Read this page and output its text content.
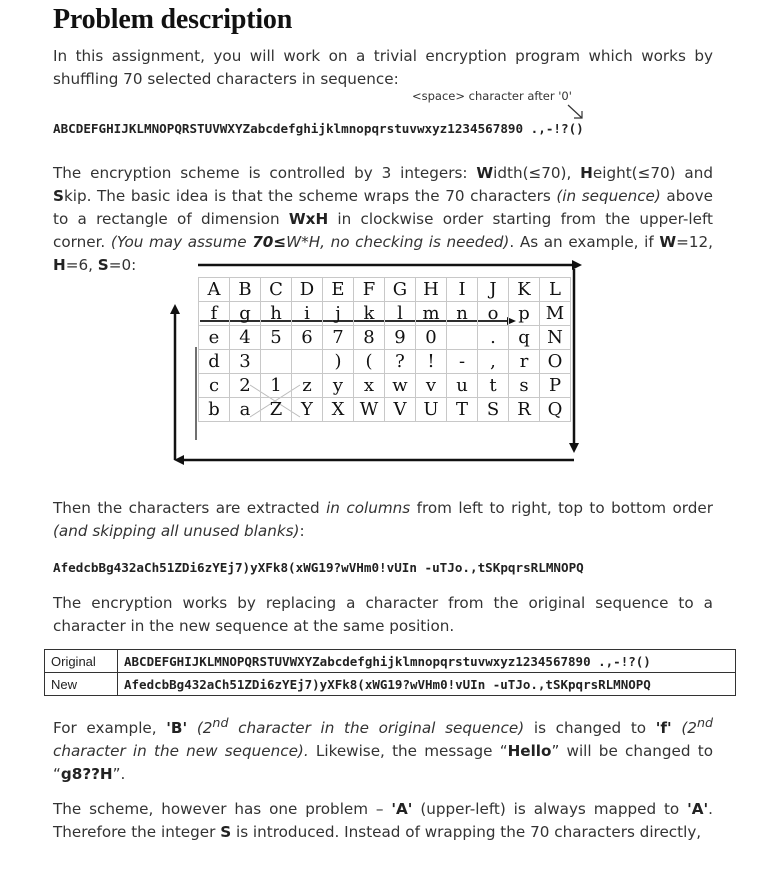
Problem description
In this assignment, you will work on a trivial encryption program which works by shuffling 70 selected characters in sequence:
<space> character after '0'
ABCDEFGHIJKLMNOPQRSTUVWXYZabcdefghijklmnopqrstuvwxyz1234567890 .,-!?()
The encryption scheme is controlled by 3 integers: Width(≤70), Height(≤70) and Skip. The basic idea is that the scheme wraps the 70 characters (in sequence) above to a rectangle of dimension WxH in clockwise order starting from the upper-left corner. (You may assume 70≤W*H, no checking is needed). As an example, if W=12, H=6, S=0:
A	B	C	D	E	F	G	H	I	J	K	L
f	g	h	i	j	k	l	m	n	o	p	M
e	4	5	6	7	8	9	0		.	q	N
d	3			)	(	?	!	-	,	r	O
c	2	1	z	y	x	w	v	u	t	s	P
b	a	Z	Y	X	W	V	U	T	S	R	Q
Then the characters are extracted in columns from left to right, top to bottom order (and skipping all unused blanks):
AfedcbBg432aCh51ZDi6zYEj7)yXFk8(xWG19?wVHm0!vUIn -uTJo.,tSKpqrsRLMNOPQ
The encryption works by replacing a character from the original sequence to a character in the new sequence at the same position.
Original	ABCDEFGHIJKLMNOPQRSTUVWXYZabcdefghijklmnopqrstuvwxyz1234567890 .,-!?()
New	AfedcbBg432aCh51ZDi6zYEj7)yXFk8(xWG19?wVHm0!vUIn -uTJo.,tSKpqrsRLMNOPQ
For example, 'B' (2nd character in the original sequence) is changed to 'f' (2nd character in the new sequence). Likewise, the message “Hello” will be changed to “g8??H”.
The scheme, however has one problem – 'A' (upper-left) is always mapped to 'A'. Therefore the integer S is introduced. Instead of wrapping the 70 characters directly,
